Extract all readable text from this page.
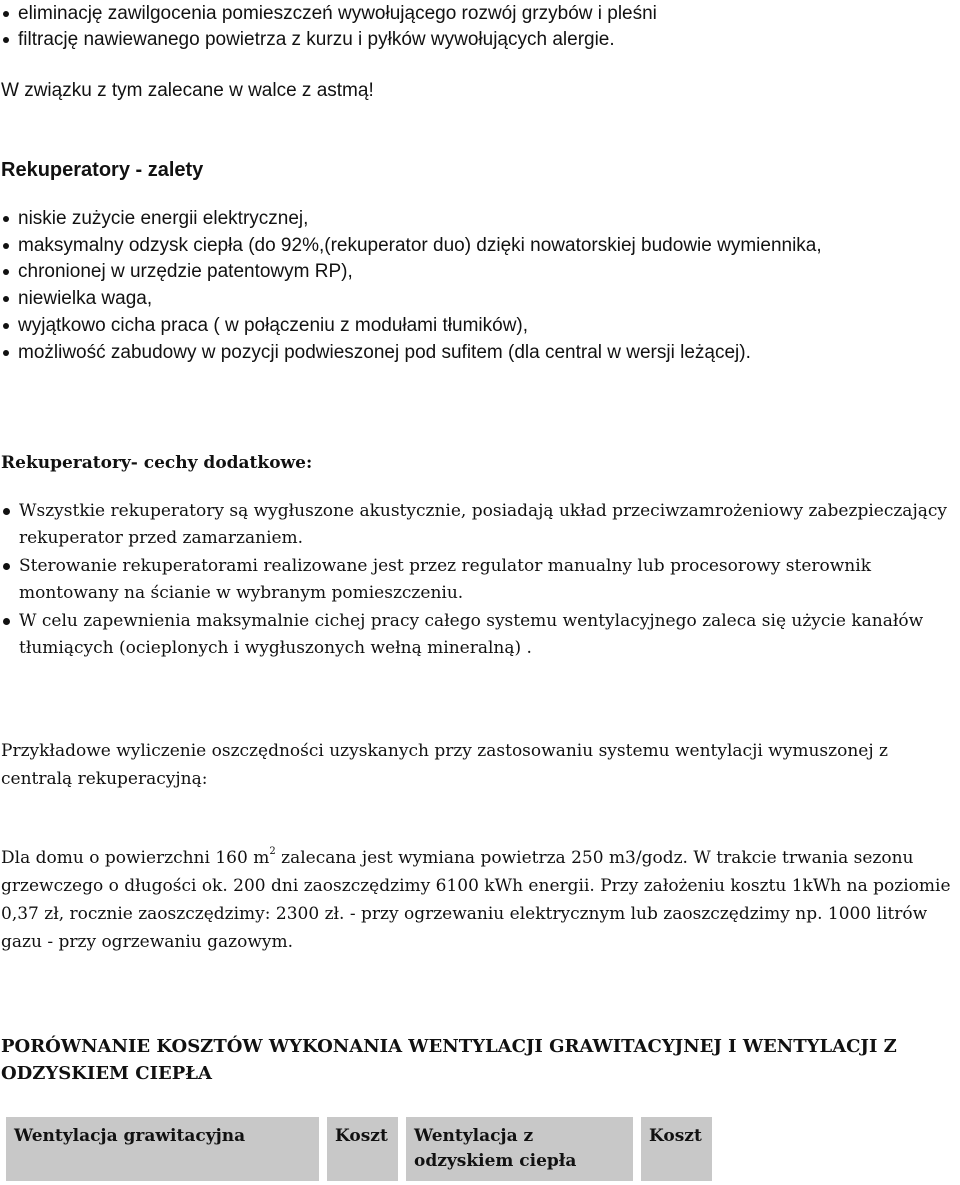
eliminację zawilgocenia pomieszczeń wywołującego rozwój grzybów i pleśni
filtrację nawiewanego powietrza z kurzu i pyłków wywołujących alergie.

W związku z tym zalecane w walce z astmą!

Rekuperatory - zalety
niskie zużycie energii elektrycznej,
maksymalny odzysk ciepła (do 92%,(rekuperator duo) dzięki nowatorskiej budowie wymiennika,
chronionej w urzędzie patentowym RP),
niewielka waga,
wyjątkowo cicha praca ( w połączeniu z modułami tłumików),
możliwość zabudowy w pozycji podwieszonej pod sufitem (dla central w wersji leżącej).
Rekuperatory- cechy dodatkowe:
Wszystkie rekuperatory są wygłuszone akustycznie, posiadają układ przeciwzamrożeniowy zabezpieczający rekuperator przed zamarzaniem.
Sterowanie rekuperatorami realizowane jest przez regulator manualny lub procesorowy sterownik montowany na ścianie w wybranym pomieszczeniu.
W celu zapewnienia maksymalnie cichej pracy całego systemu wentylacyjnego zaleca się użycie kanałów tłumiących (ocieplonych i wygłuszonych wełną mineralną) .

Przykładowe wyliczenie oszczędności uzyskanych przy zastosowaniu systemu wentylacji wymuszonej z centralą rekuperacyjną:

Dla domu o powierzchni 160 $m^2$ zalecana jest wymiana powietrza 250 m3/godz. W trakcie trwania sezonu grzewczego o długości ok. 200 dni zaoszczędzimy 6100 kWh energii. Przy założeniu kosztu 1kWh na poziomie 0,37 zł, rocznie zaoszczędzimy: 2300 zł. - przy ogrzewaniu elektrycznym lub zaoszczędzimy np. 1000 litrów gazu - przy ogrzewaniu gazowym.

PORÓWNANIE KOSZTÓW WYKONANIA WENTYLACJI GRAWITACYJNEJ I WENTYLACJI Z ODZYSKIEM CIEPŁA
Wentylacja grawitacyjna	Koszt	Wentylacja z odzyskiem ciepła
Koszt
